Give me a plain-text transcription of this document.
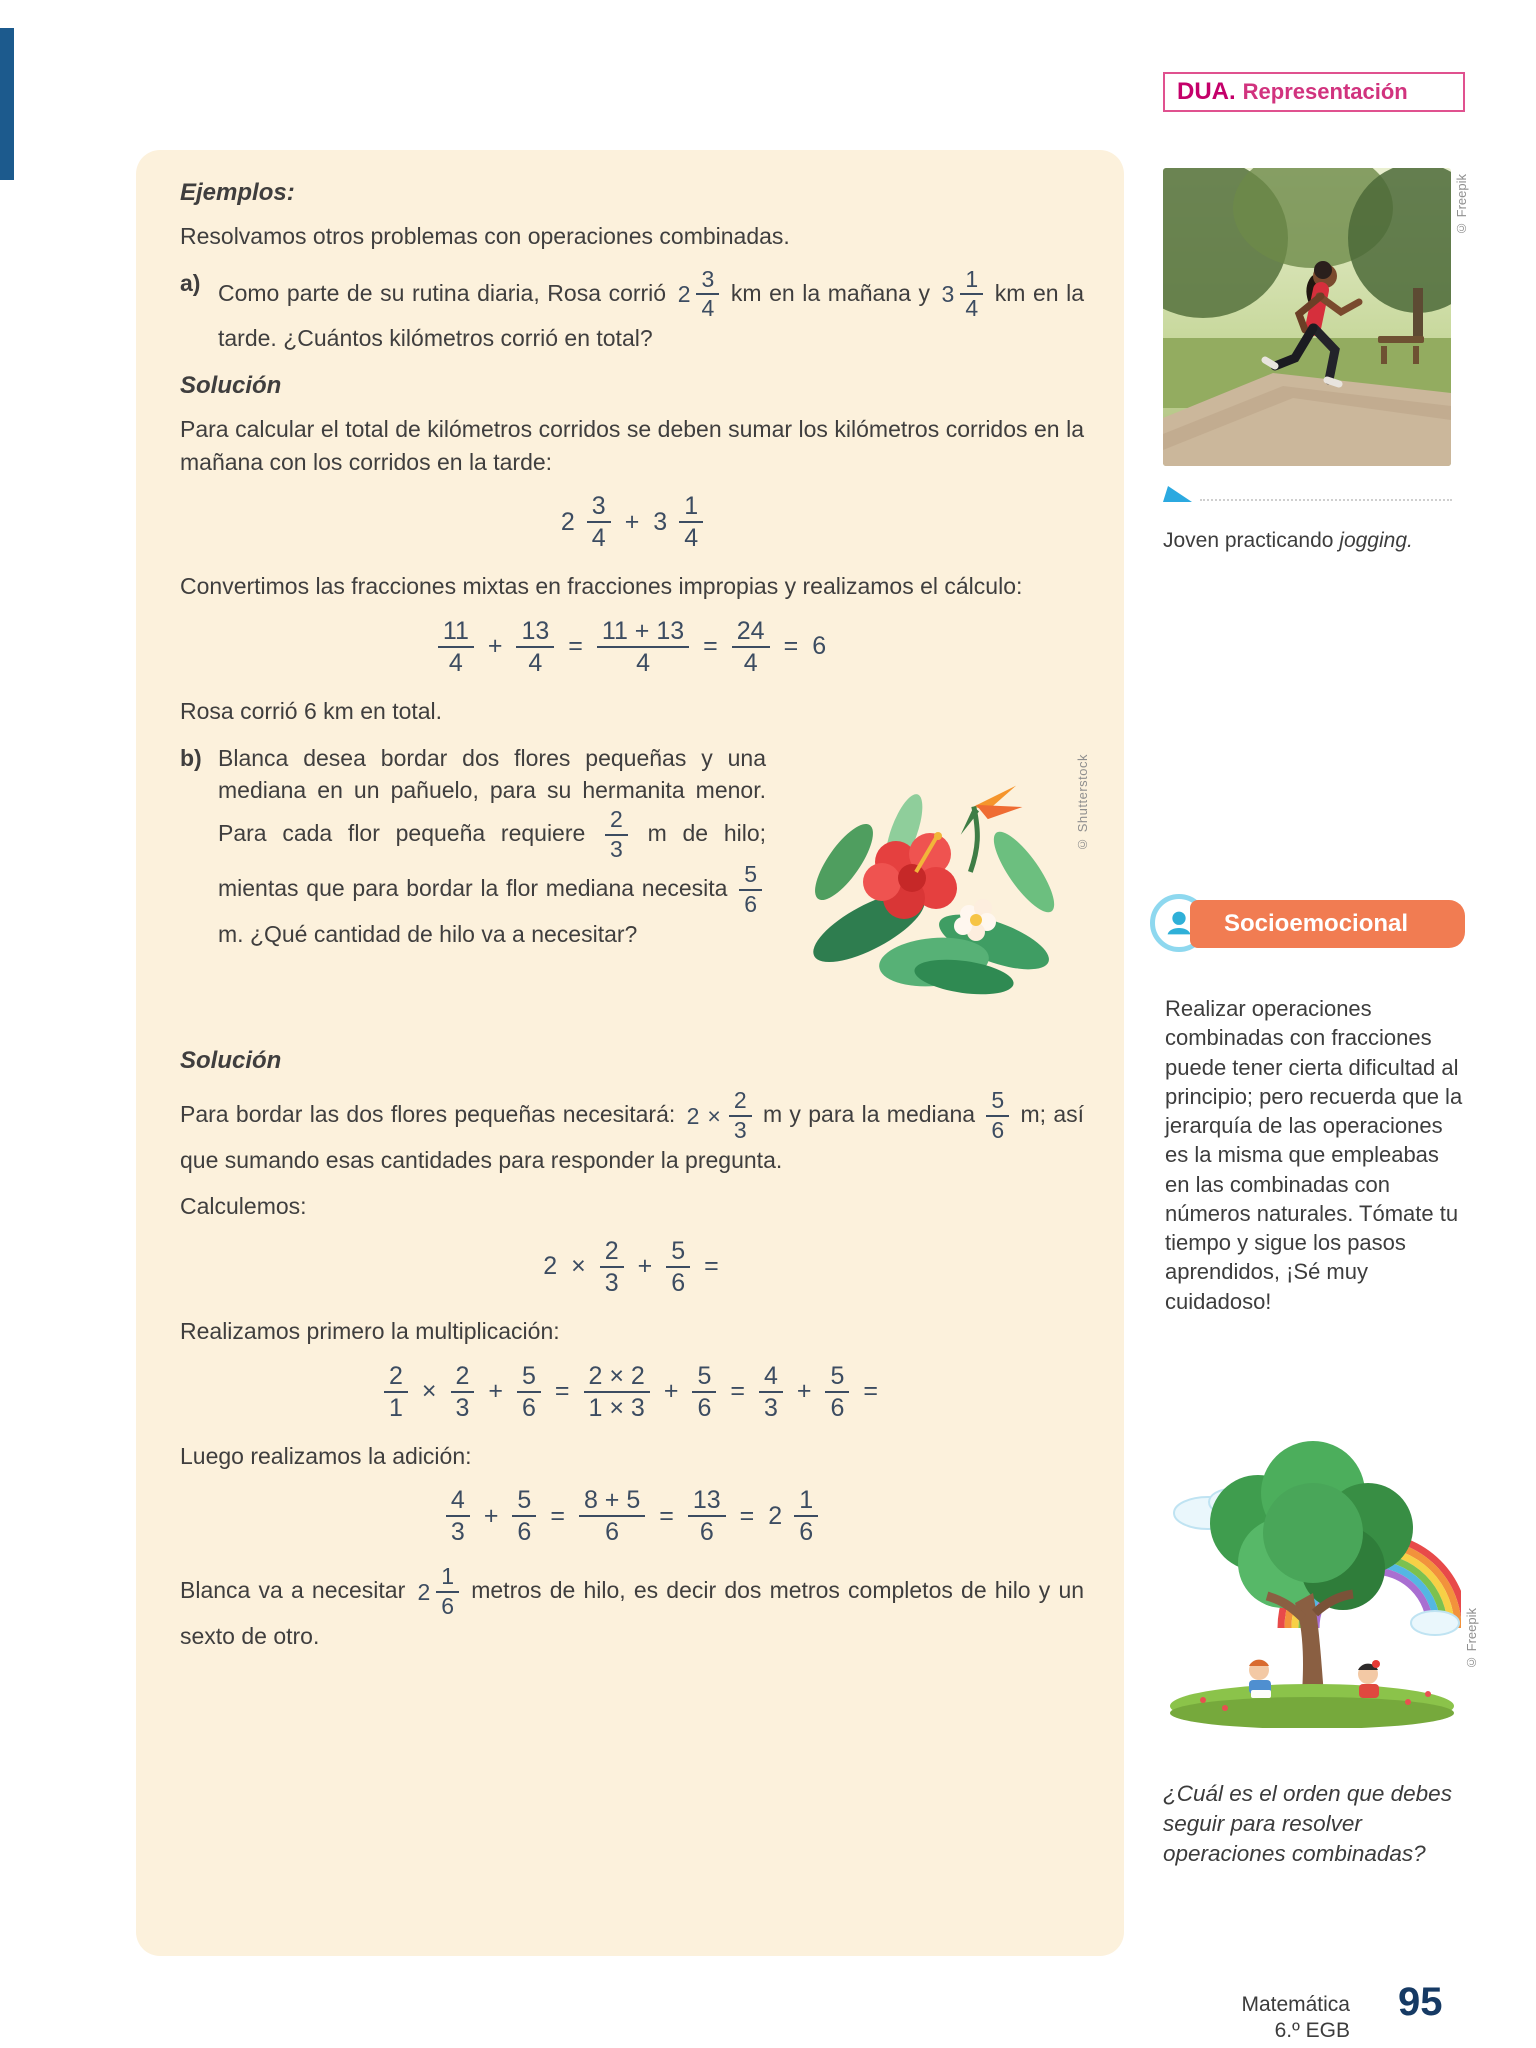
DUA. Representación
Ejemplos:

Resolvamos otros problemas con operaciones combinadas.

a) Como parte de su rutina diaria, Rosa corrió $2 \frac{3}{4}$ km en la mañana y $3 \frac{1}{4}$ km en la tarde. ¿Cuántos kilómetros corrió en total?
Solución

Para calcular el total de kilómetros corridos se deben sumar los kilómetros corridos en la mañana con los corridos en la tarde:

$2 \frac{3}{4} + 3 \frac{1}{4}$

Convertimos las fracciones mixtas en fracciones impropias y realizamos el cálculo:

$\frac{11}{4} + \frac{13}{4} = \frac{11 + 13}{4} = \frac{24}{4} = 6$

Rosa corrió 6 km en total.

b) Blanca desea bordar dos flores pequeñas y una mediana en un pañuelo, para su hermanita menor. Para cada flor pequeña requiere $\frac{2}{3}$ m de hilo; mientas que para bordar la flor mediana necesita $\frac{5}{6}$
m. ¿Qué cantidad de hilo va a necesitar?
© Shutterstock
Solución

Para bordar las dos flores pequeñas necesitará: $2 \times \frac{2}{3}$ m y para la mediana $\frac{5}{6} m$; así que sumando esas cantidades para responder la pregunta.

Calculemos:

$2 \times \frac{2}{3} + \frac{5}{6}$ =

Realizamos primero la multiplicación:

$\frac{2}{1} \times \frac{2}{3} + \frac{5}{6} = \frac{2 \times 2}{1 \times 3} + \frac{5}{6} = \frac{4}{3} + \frac{5}{6}$ =

Luego realizamos la adición:

$\frac{4}{3} + \frac{5}{6} = \frac{8 + 5}{6} = \frac{13}{6} = 2 \frac{1}{6}$

Blanca va a necesitar $2 \frac{1}{6}$ metros de hilo, es decir dos metros completos de hilo y un sexto de otro.

© Freepik

Joven practicando jogging.

Socioemocional

Realizar operaciones combinadas con fracciones puede tener cierta dificultad al principio; pero recuerda que la jerarquía de las operaciones es la misma que empleabas en las combinadas con números naturales. Tómate tu tiempo y sigue los pasos aprendidos, ¡Sé muy cuidadoso!

© Freepik

¿Cuál es el orden que debes seguir para resolver operaciones combinadas?

Matemática
6.º EGB
95
